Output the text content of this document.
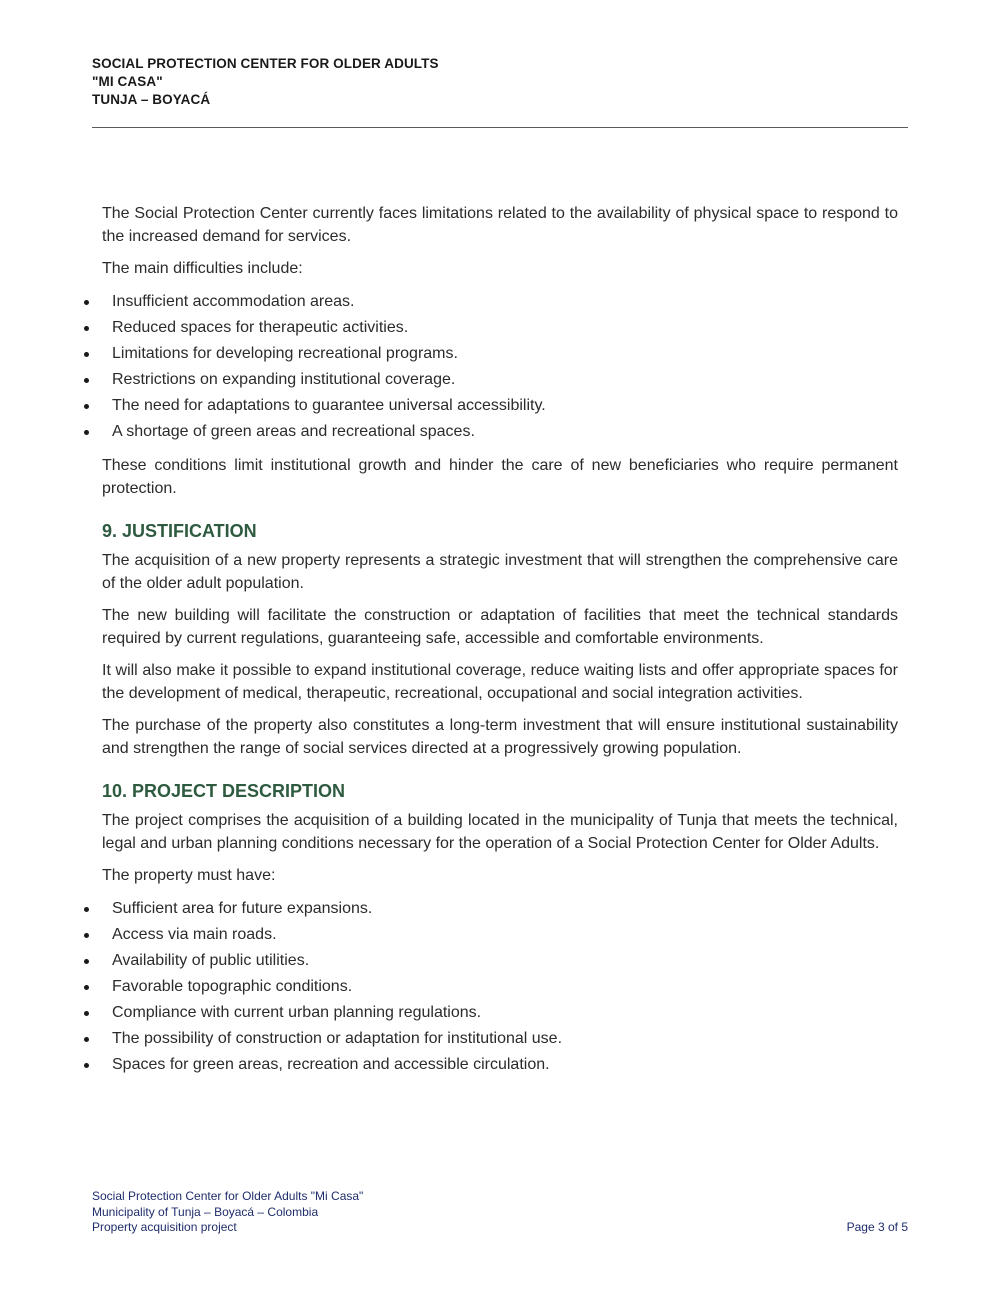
SOCIAL PROTECTION CENTER FOR OLDER ADULTS
"MI CASA"
TUNJA – BOYACÁ

The Social Protection Center currently faces limitations related to the availability of physical space to respond to the increased demand for services.

The main difficulties include:

Insufficient accommodation areas.
Reduced spaces for therapeutic activities.
Limitations for developing recreational programs.
Restrictions on expanding institutional coverage.
The need for adaptations to guarantee universal accessibility.
A shortage of green areas and recreational spaces.

These conditions limit institutional growth and hinder the care of new beneficiaries who require permanent protection.

9. JUSTIFICATION

The acquisition of a new property represents a strategic investment that will strengthen the comprehensive care of the older adult population.

The new building will facilitate the construction or adaptation of facilities that meet the technical standards required by current regulations, guaranteeing safe, accessible and comfortable environments.

It will also make it possible to expand institutional coverage, reduce waiting lists and offer appropriate spaces for the development of medical, therapeutic, recreational, occupational and social integration activities.

The purchase of the property also constitutes a long-term investment that will ensure institutional sustainability and strengthen the range of social services directed at a progressively growing population.

10. PROJECT DESCRIPTION

The project comprises the acquisition of a building located in the municipality of Tunja that meets the technical, legal and urban planning conditions necessary for the operation of a Social Protection Center for Older Adults.

The property must have:

Sufficient area for future expansions.
Access via main roads.
Availability of public utilities.
Favorable topographic conditions.
Compliance with current urban planning regulations.
The possibility of construction or adaptation for institutional use.
Spaces for green areas, recreation and accessible circulation.
Social Protection Center for Older Adults "Mi Casa"
Municipality of Tunja – Boyacá – Colombia
Property acquisition project	Page 3 of 5
